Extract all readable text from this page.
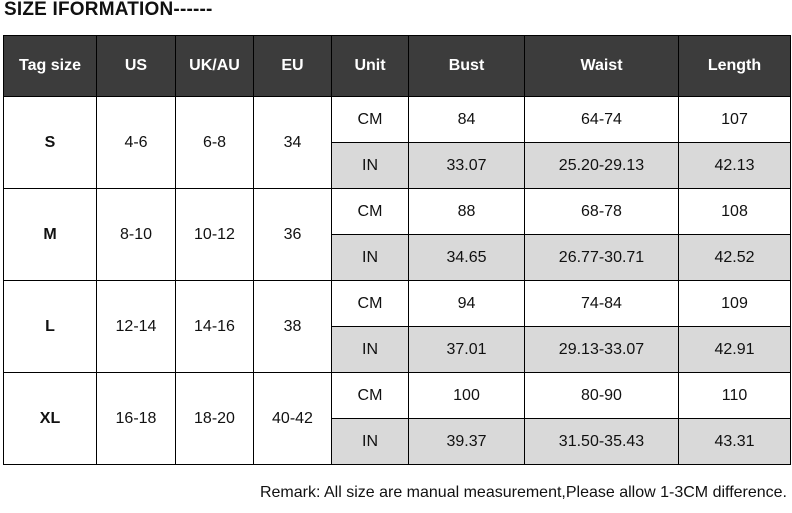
SIZE IFORMATION------
Tag size	US	UK/AU	EU	Unit	Bust	Waist	Length
S	4-6	6-8	34	CM	84	64-74	107
				IN	33.07	25.20-29.13	42.13
M	8-10	10-12	36	CM	88	68-78	108
				IN	34.65	26.77-30.71	42.52
L	12-14	14-16	38	CM	94	74-84	109
				IN	37.01	29.13-33.07	42.91
XL	16-18	18-20	40-42	CM	100	80-90	110
				IN	39.37	31.50-35.43	43.31
Remark: All size are manual measurement,Please allow 1-3CM difference.
